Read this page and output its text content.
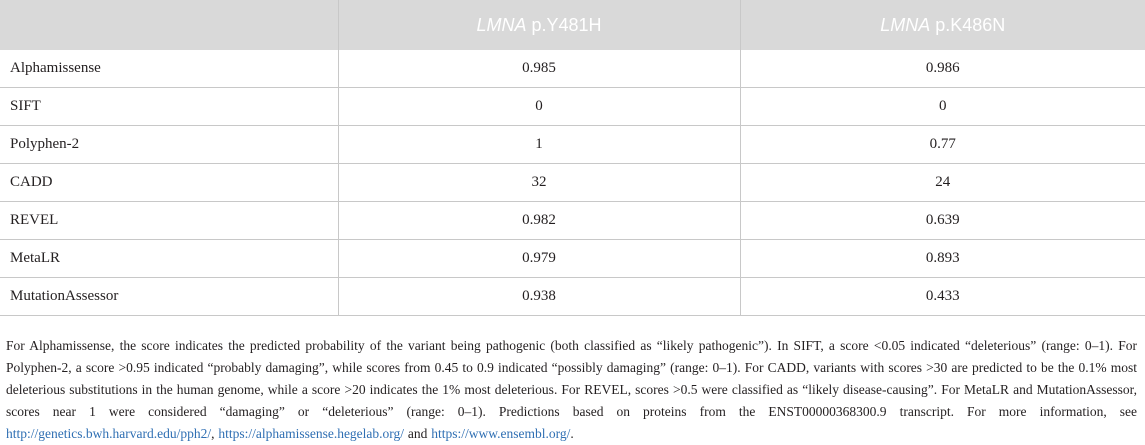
	LMNA p.Y481H	LMNA p.K486N
Alphamissense	0.985	0.986
SIFT	0	0
Polyphen-2	1	0.77
CADD	32	24
REVEL	0.982	0.639
MetaLR	0.979	0.893
MutationAssessor	0.938	0.433

For Alphamissense, the score indicates the predicted probability of the variant being pathogenic (both classified as “likely pathogenic”). In SIFT, a score <0.05 indicated “deleterious” (range: 0–1). For Polyphen-2, a score >0.95 indicated “probably damaging”, while scores from 0.45 to 0.9 indicated “possibly damaging” (range: 0–1). For CADD, variants with scores >30 are predicted to be the 0.1% most deleterious substitutions in the human genome, while a score >20 indicates the 1% most deleterious. For REVEL, scores >0.5 were classified as “likely disease-causing”. For MetaLR and MutationAssessor, scores near 1 were considered “damaging” or “deleterious” (range: 0–1). Predictions based on proteins from the ENST00000368300.9 transcript. For more information, see http://genetics.bwh.harvard.edu/pph2/, https://alphamissense.hegelab.org/ and https://www.ensembl.org/.
